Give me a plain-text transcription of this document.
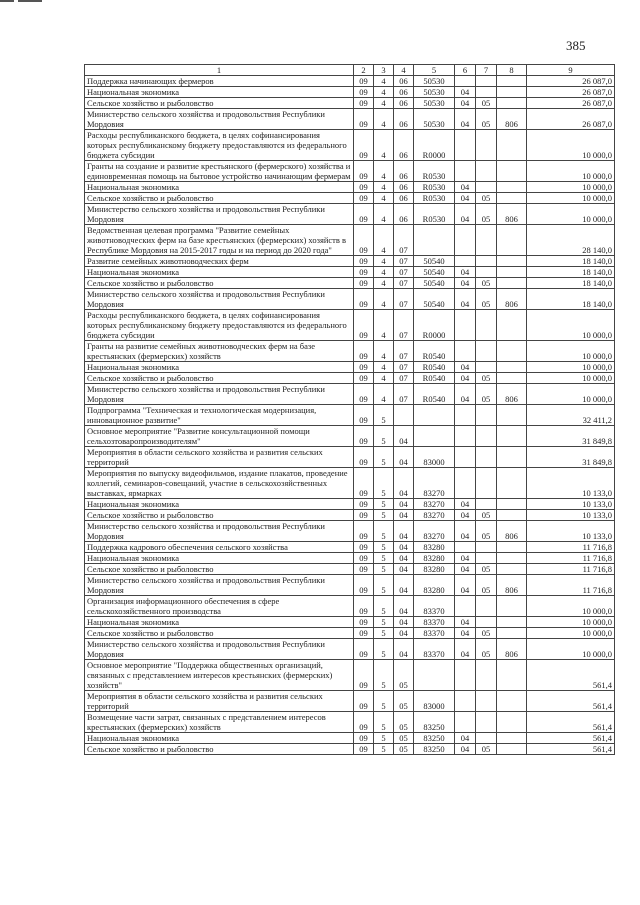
385
1	2	3	4	5	6	7	8	9
Поддержка начинающих фермеров	09	4	06	50530				26 087,0
Национальная экономика	09	4	06	50530	04			26 087,0
Сельское хозяйство и рыболовство	09	4	06	50530	04	05		26 087,0
Министерство сельского хозяйства и продовольствия Республики Мордовия	09	4	06	50530	04	05	806	26 087,0
Расходы республиканского бюджета, в целях софинансирования которых республиканскому бюджету предоставляются из федерального бюджета субсидии	09	4	06	R0000				10 000,0
Гранты на создание и развитие крестьянского (фермерского) хозяйства и единовременная помощь на бытовое устройство начинающим фермерам	09	4	06	R0530				10 000,0
Национальная экономика	09	4	06	R0530	04			10 000,0
Сельское хозяйство и рыболовство	09	4	06	R0530	04	05		10 000,0
Министерство сельского хозяйства и продовольствия Республики Мордовия	09	4	06	R0530	04	05	806	10 000,0
Ведомственная целевая программа "Развитие семейных животноводческих ферм на базе крестьянских (фермерских) хозяйств в Республике Мордовия на 2015-2017 годы и на период до 2020 года"	09	4	07					28 140,0
Развитие семейных животноводческих ферм	09	4	07	50540				18 140,0
Национальная экономика	09	4	07	50540	04			18 140,0
Сельское хозяйство и рыболовство	09	4	07	50540	04	05		18 140,0
Министерство сельского хозяйства и продовольствия Республики Мордовия	09	4	07	50540	04	05	806	18 140,0
Расходы республиканского бюджета, в целях софинансирования которых республиканскому бюджету предоставляются из федерального бюджета субсидии	09	4	07	R0000				10 000,0
Гранты на развитие семейных животноводческих ферм на базе крестьянских (фермерских) хозяйств	09	4	07	R0540				10 000,0
Национальная экономика	09	4	07	R0540	04			10 000,0
Сельское хозяйство и рыболовство	09	4	07	R0540	04	05		10 000,0
Министерство сельского хозяйства и продовольствия Республики Мордовия	09	4	07	R0540	04	05	806	10 000,0
Подпрограмма "Техническая и технологическая модернизация, инновационное развитие"	09	5						32 411,2
Основное мероприятие "Развитие консультационной помощи сельхозтоваропроизводителям"	09	5	04					31 849,8
Мероприятия в области сельского хозяйства и развития сельских территорий	09	5	04	83000				31 849,8
Мероприятия по выпуску видеофильмов, издание плакатов, проведение коллегий, семинаров-совещаний, участие в сельскохозяйственных выставках, ярмарках	09	5	04	83270				10 133,0
Национальная экономика	09	5	04	83270	04			10 133,0
Сельское хозяйство и рыболовство	09	5	04	83270	04	05		10 133,0
Министерство сельского хозяйства и продовольствия Республики Мордовия	09	5	04	83270	04	05	806	10 133,0
Поддержка кадрового обеспечения сельского хозяйства	09	5	04	83280				11 716,8
Национальная экономика	09	5	04	83280	04			11 716,8
Сельское хозяйство и рыболовство	09	5	04	83280	04	05		11 716,8
Министерство сельского хозяйства и продовольствия Республики Мордовия	09	5	04	83280	04	05	806	11 716,8
Организация информационного обеспечения в сфере сельскохозяйственного производства	09	5	04	83370				10 000,0
Национальная экономика	09	5	04	83370	04			10 000,0
Сельское хозяйство и рыболовство	09	5	04	83370	04	05		10 000,0
Министерство сельского хозяйства и продовольствия Республики Мордовия	09	5	04	83370	04	05	806	10 000,0
Основное мероприятие "Поддержка общественных организаций, связанных с представлением интересов крестьянских (фермерских) хозяйств"	09	5	05					561,4
Мероприятия в области сельского хозяйства и развития сельских территорий	09	5	05	83000				561,4
Возмещение части затрат, связанных с представлением интересов крестьянских (фермерских) хозяйств	09	5	05	83250				561,4
Национальная экономика	09	5	05	83250	04			561,4
Сельское хозяйство и рыболовство	09	5	05	83250	04	05		561,4
